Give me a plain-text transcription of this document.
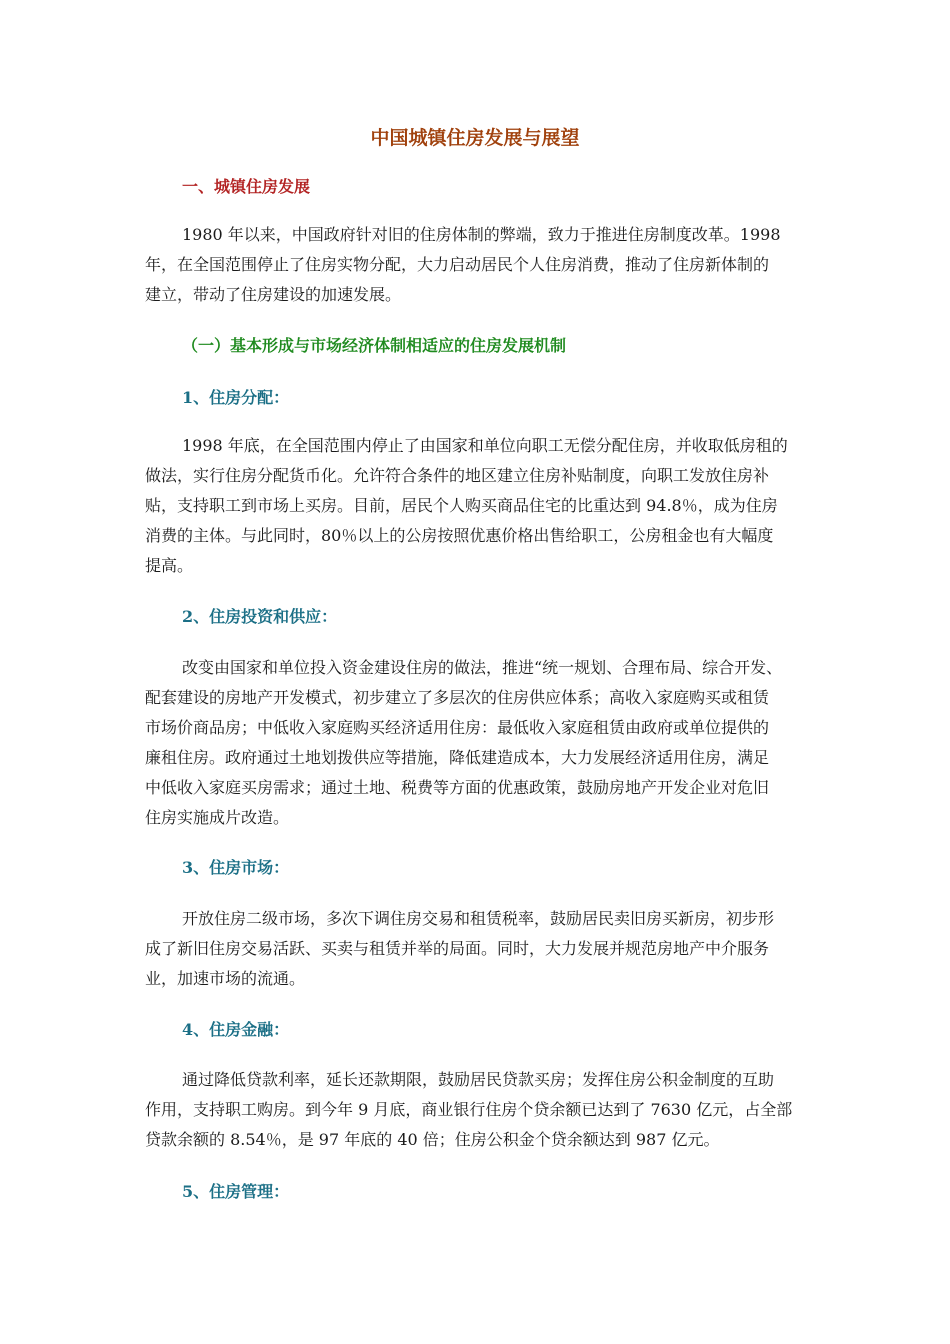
中国城镇住房发展与展望
一、城镇住房发展

1980 年以来，中国政府针对旧的住房体制的弊端，致力于推进住房制度改革。1998
年，在全国范围停止了住房实物分配，大力启动居民个人住房消费，推动了住房新体制的
建立，带动了住房建设的加速发展。

（一）基本形成与市场经济体制相适应的住房发展机制
1、住房分配：

1998 年底，在全国范围内停止了由国家和单位向职工无偿分配住房，并收取低房租的
做法，实行住房分配货币化。允许符合条件的地区建立住房补贴制度，向职工发放住房补
贴，支持职工到市场上买房。目前，居民个人购买商品住宅的比重达到 94.8％，成为住房
消费的主体。与此同时，80％以上的公房按照优惠价格出售给职工，公房租金也有大幅度
提高。

2、住房投资和供应：

改变由国家和单位投入资金建设住房的做法，推进“统一规划、合理布局、综合开发、
配套建设的房地产开发模式，初步建立了多层次的住房供应体系；高收入家庭购买或租赁
市场价商品房；中低收入家庭购买经济适用住房：最低收入家庭租赁由政府或单位提供的
廉租住房。政府通过土地划拨供应等措施，降低建造成本，大力发展经济适用住房，满足
中低收入家庭买房需求；通过土地、税费等方面的优惠政策，鼓励房地产开发企业对危旧
住房实施成片改造。

3、住房市场：

开放住房二级市场，多次下调住房交易和租赁税率，鼓励居民卖旧房买新房，初步形
成了新旧住房交易活跃、买卖与租赁并举的局面。同时，大力发展并规范房地产中介服务
业，加速市场的流通。

4、住房金融：

通过降低贷款利率，延长还款期限，鼓励居民贷款买房；发挥住房公积金制度的互助
作用，支持职工购房。到今年 9 月底，商业银行住房个贷余额已达到了 7630 亿元，占全部
贷款余额的 8.54％，是 97 年底的 40 倍；住房公积金个贷余额达到 987 亿元。

5、住房管理：
